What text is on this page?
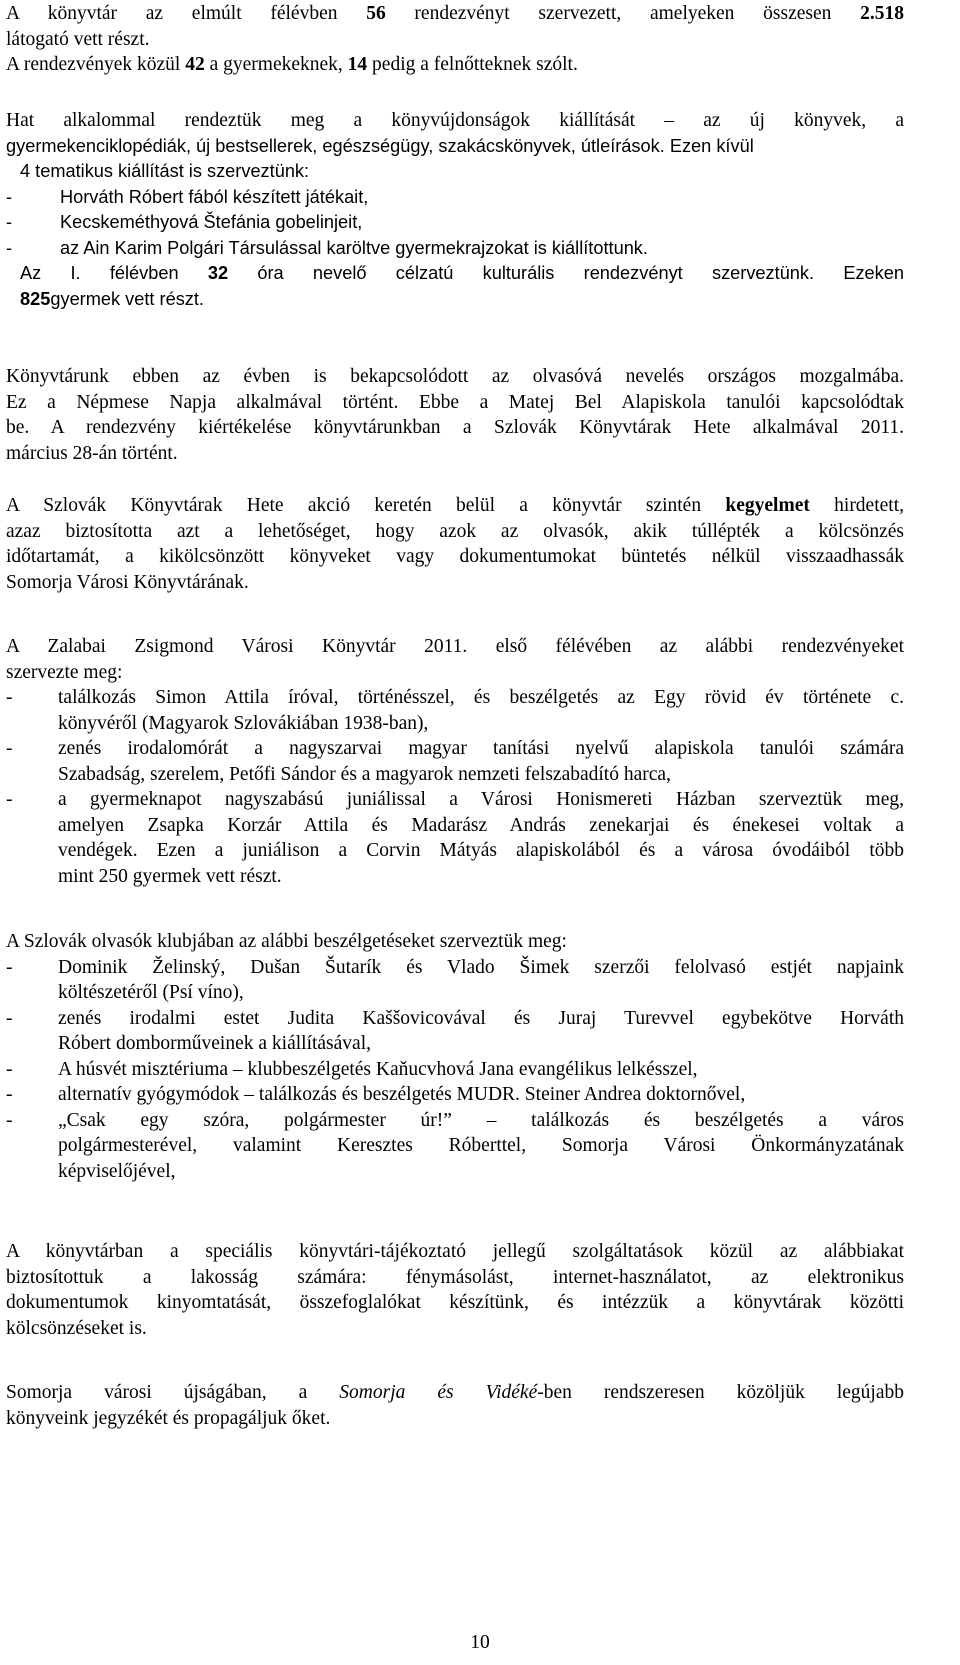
A könyvtár az elmúlt félévben 56 rendezvényt szervezett, amelyeken összesen 2.518
látogató vett részt.
A rendezvények közül 42 a gyermekeknek, 14 pedig a felnőtteknek szólt.
Hat alkalommal rendeztük meg a könyvújdonságok kiállítását – az új könyvek, a
gyermekenciklopédiák, új bestsellerek, egészségügy, szakácskönyvek, útleírások. Ezen kívül
4 tematikus kiállítást is szerveztünk:
-	Horváth Róbert fából készített játékait,
-	Kecskeméthyová Štefánia gobelinjeit,
-	az Ain Karim Polgári Társulással karöltve gyermekrajzokat is kiállítottunk.
Az I. félévben 32 óra nevelő célzatú kulturális rendezvényt szerveztünk. Ezeken
825gyermek vett részt.
Könyvtárunk ebben az évben is bekapcsolódott az olvasóvá nevelés országos mozgalmába.
Ez a Népmese Napja alkalmával történt. Ebbe a Matej Bel Alapiskola tanulói kapcsolódtak
be. A rendezvény kiértékelése könyvtárunkban a Szlovák Könyvtárak Hete alkalmával 2011.
március 28-án történt.
A Szlovák Könyvtárak Hete akció keretén belül a könyvtár szintén kegyelmet hirdetett,
azaz biztosította azt a lehetőséget, hogy azok az olvasók, akik túllépték a kölcsönzés
időtartamát, a kikölcsönzött könyveket vagy dokumentumokat büntetés nélkül visszaadhassák
Somorja Városi Könyvtárának.
A Zalabai Zsigmond Városi Könyvtár 2011. első félévében az alábbi rendezvényeket
szervezte meg:
- találkozás Simon Attila íróval, történésszel, és beszélgetés az Egy rövid év története c.
könyvéről (Magyarok Szlovákiában 1938-ban),
- zenés irodalomórát a nagyszarvai magyar tanítási nyelvű alapiskola tanulói számára
Szabadság, szerelem, Petőfi Sándor és a magyarok nemzeti felszabadító harca,
- a gyermeknapot nagyszabású juniálissal a Városi Honismereti Házban szerveztük meg,
amelyen Zsapka Korzár Attila és Madarász András zenekarjai és énekesei voltak a
vendégek. Ezen a juniálison a Corvin Mátyás alapiskolából és a városa óvodáiból több
mint 250 gyermek vett részt.
A Szlovák olvasók klubjában az alábbi beszélgetéseket szerveztük meg:
- Dominik Želinský, Dušan Šutarík és Vlado Šimek szerzői felolvasó estjét napjaink
költészetéről (Psí víno),
- zenés irodalmi estet Judita Kaššovicovával és Juraj Turevvel egybekötve Horváth
Róbert domborműveinek a kiállításával,
- A húsvét misztériuma – klubbeszélgetés Kaňucvhová Jana evangélikus lelkésszel,
- alternatív gyógymódok – találkozás és beszélgetés MUDR. Steiner Andrea doktornővel,
- „Csak egy szóra, polgármester úr!” – találkozás és beszélgetés a város
polgármesterével, valamint Keresztes Róberttel, Somorja Városi Önkormányzatának
képviselőjével,
A könyvtárban a speciális könyvtári-tájékoztató jellegű szolgáltatások közül az alábbiakat
biztosítottuk a lakosság számára: fénymásolást, internet-használatot, az elektronikus
dokumentumok kinyomtatását, összefoglalókat készítünk, és intézzük a könyvtárak közötti
kölcsönzéseket is.
Somorja városi újságában, a Somorja és Vidéké-ben rendszeresen közöljük legújabb
könyveink jegyzékét és propagáljuk őket.
10
